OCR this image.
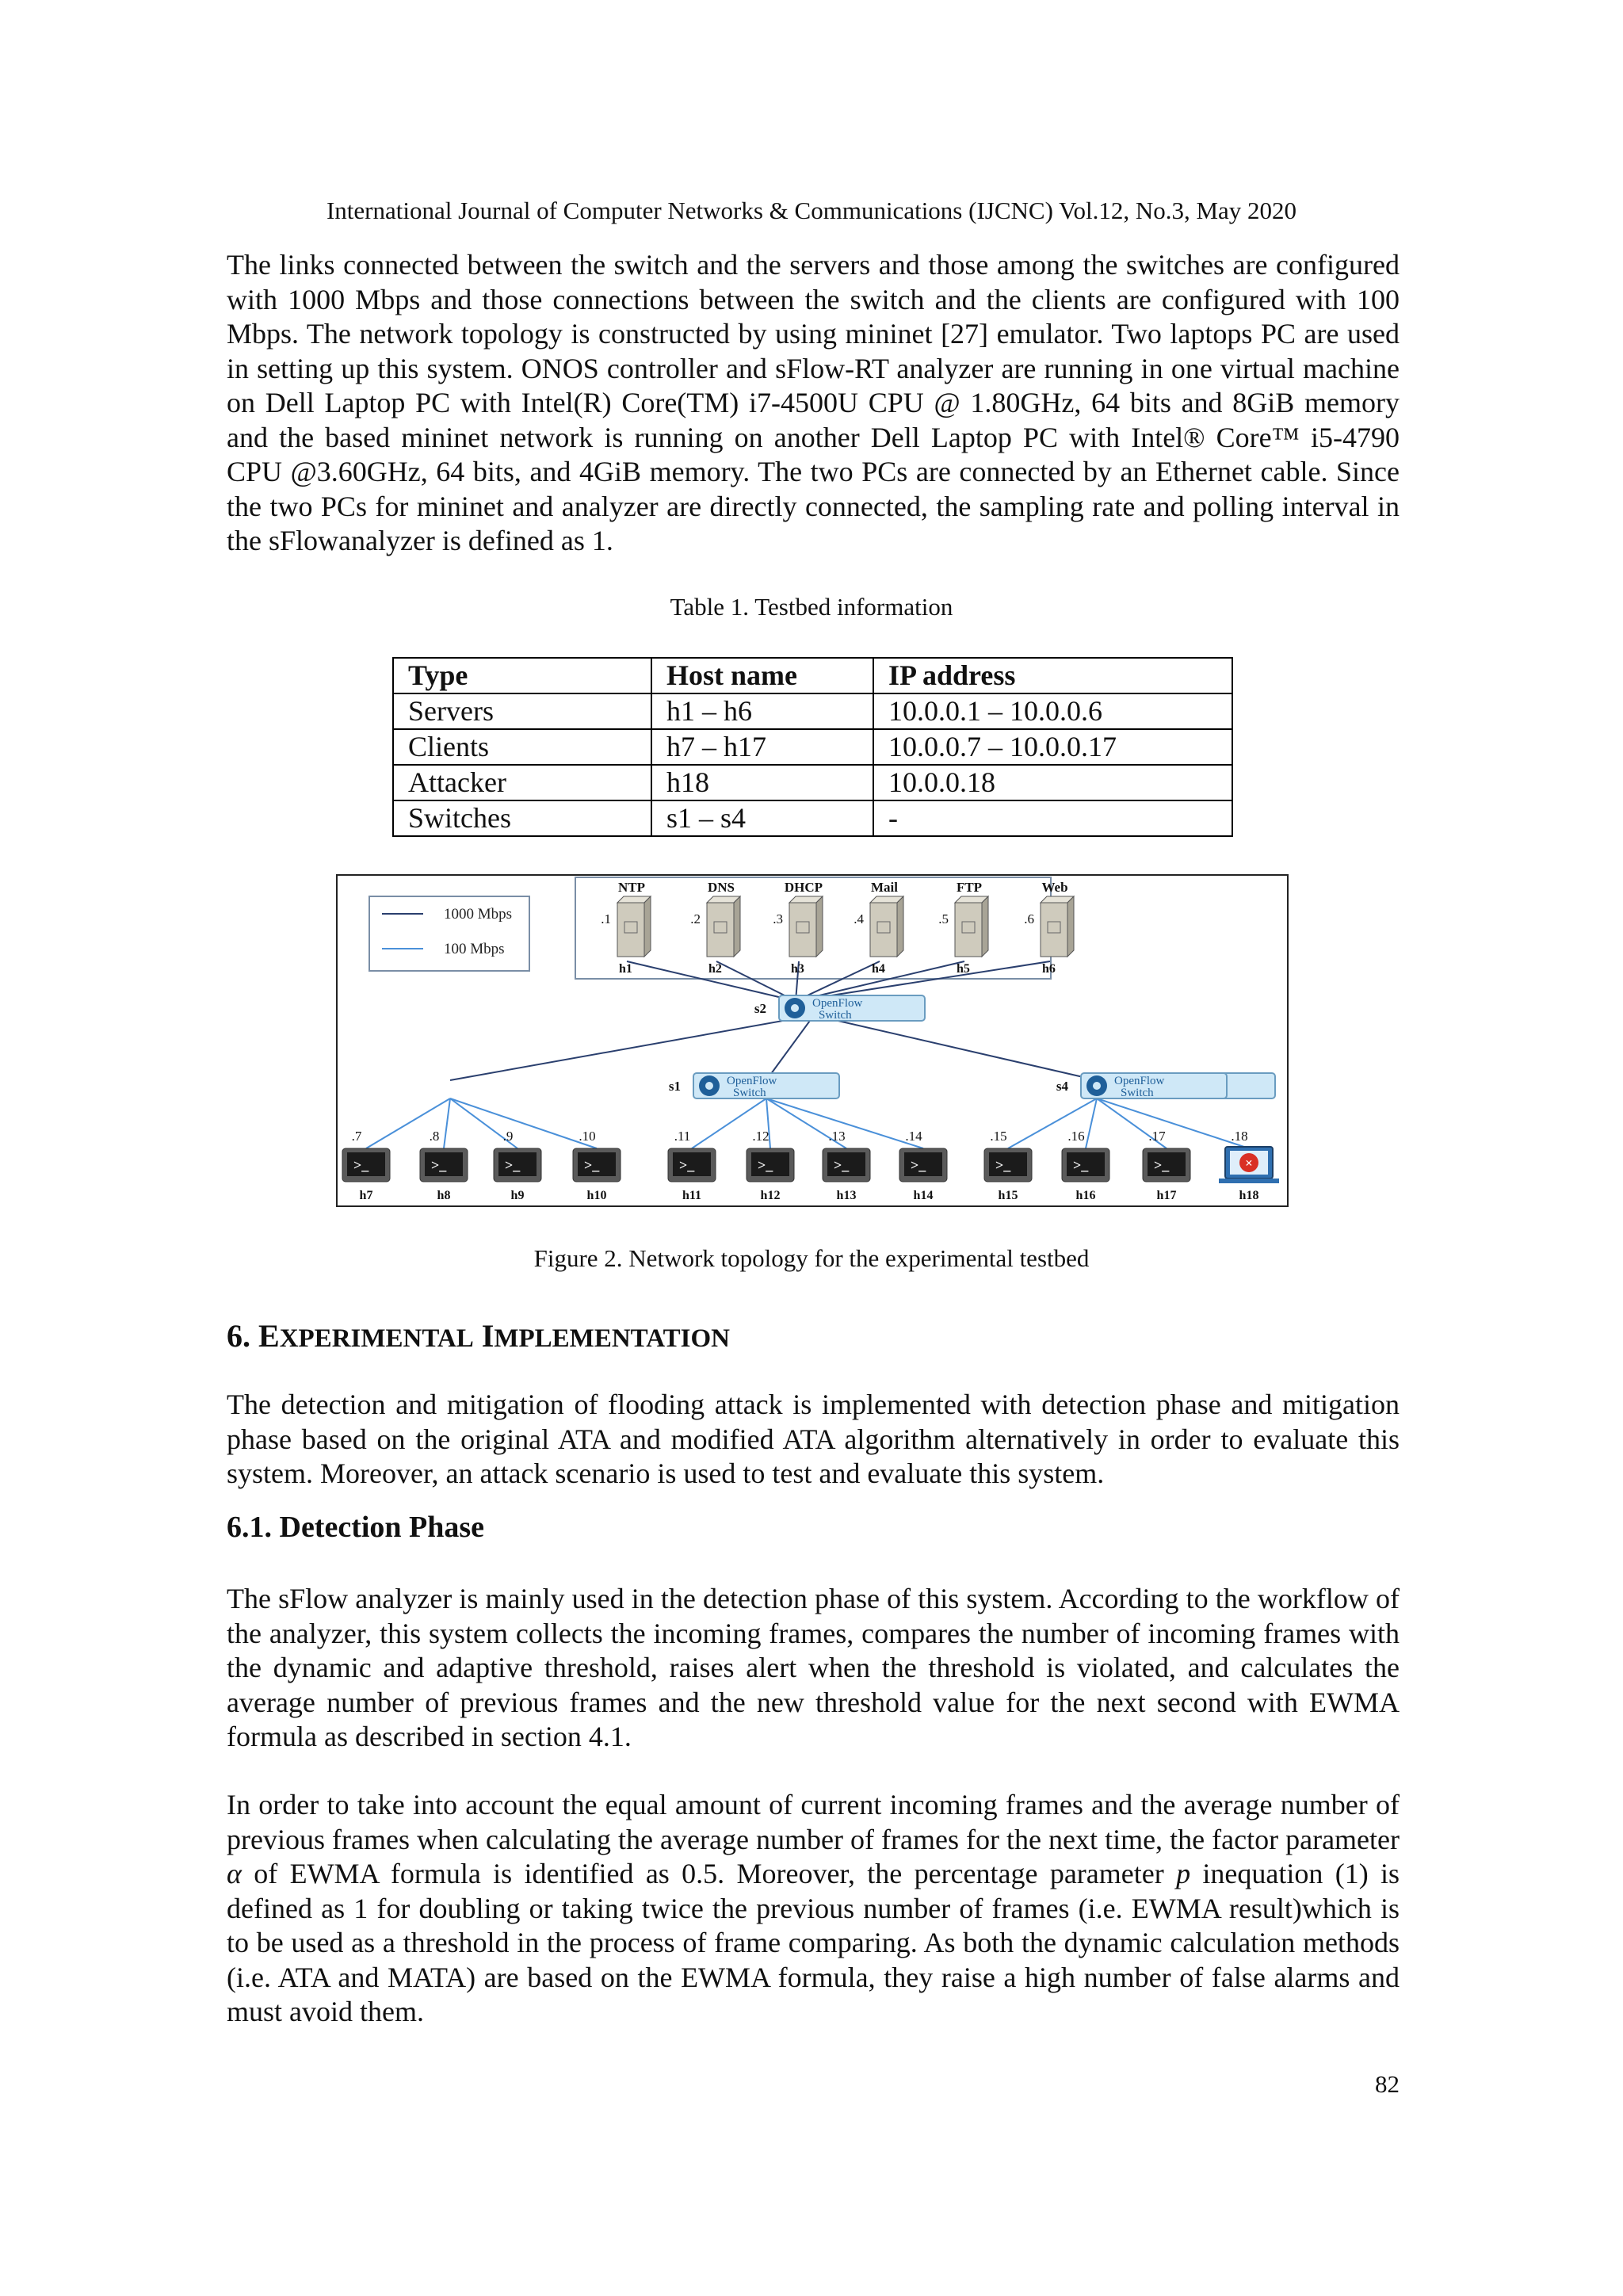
International Journal of Computer Networks & Communications (IJCNC) Vol.12, No.3, May 2020

The links connected between the switch and the servers and those among the switches are configured with 1000 Mbps and those connections between the switch and the clients are configured with 100 Mbps. The network topology is constructed by using mininet [27] emulator. Two laptops PC are used in setting up this system. ONOS controller and sFlow-RT analyzer are running in one virtual machine on Dell Laptop PC with Intel(R) Core(TM) i7-4500U CPU @ 1.80GHz, 64 bits and 8GiB memory and the based mininet network is running on another Dell Laptop PC with Intel® Core™ i5-4790 CPU @3.60GHz, 64 bits, and 4GiB memory. The two PCs are connected by an Ethernet cable. Since the two PCs for mininet and analyzer are directly connected, the sampling rate and polling interval in the sFlowanalyzer is defined as 1.

Table 1. Testbed information
Type	Host name	IP address
Servers	h1 – h6	10.0.0.1 – 10.0.0.6
Clients	h7 – h17	10.0.0.7 – 10.0.0.17
Attacker	h18	10.0.0.18
Switches	s1 – s4	-
1000 Mbps
100 Mbps
NTP
.1
h1
DNS
.2
h2
DHCP
.3
h3
Mail
.4
h4
FTP
.5
h5
Web
.6
h6
OpenFlow
Switch
s2
OpenFlow
Switch
s1	OpenFlow
Switch
s4
.7
>_
h7
.8
>_
h8
.9
>_
h9
.10
>_
h10
.11
>_
h11
.12
>_
h12
.13
>_
h13
.14
>_
h14
.15
>_
h15
.16
>_
h16
.17
>_
h17
.18
×
h18
Figure 2. Network topology for the experimental testbed
6. EXPERIMENTAL IMPLEMENTATION

The detection and mitigation of flooding attack is implemented with detection phase and mitigation phase based on the original ATA and modified ATA algorithm alternatively in order to evaluate this system. Moreover, an attack scenario is used to test and evaluate this system.

6.1. Detection Phase

The sFlow analyzer is mainly used in the detection phase of this system. According to the workflow of the analyzer, this system collects the incoming frames, compares the number of incoming frames with the dynamic and adaptive threshold, raises alert when the threshold is violated, and calculates the average number of previous frames and the new threshold value for the next second with EWMA formula as described in section 4.1.

In order to take into account the equal amount of current incoming frames and the average number of previous frames when calculating the average number of frames for the next time, the factor parameter α of EWMA formula is identified as 0.5. Moreover, the percentage parameter p inequation (1) is defined as 1 for doubling or taking twice the previous number of frames (i.e. EWMA result)which is to be used as a threshold in the process of frame comparing. As both the dynamic calculation methods (i.e. ATA and MATA) are based on the EWMA formula, they raise a high number of false alarms and must avoid them.

82
